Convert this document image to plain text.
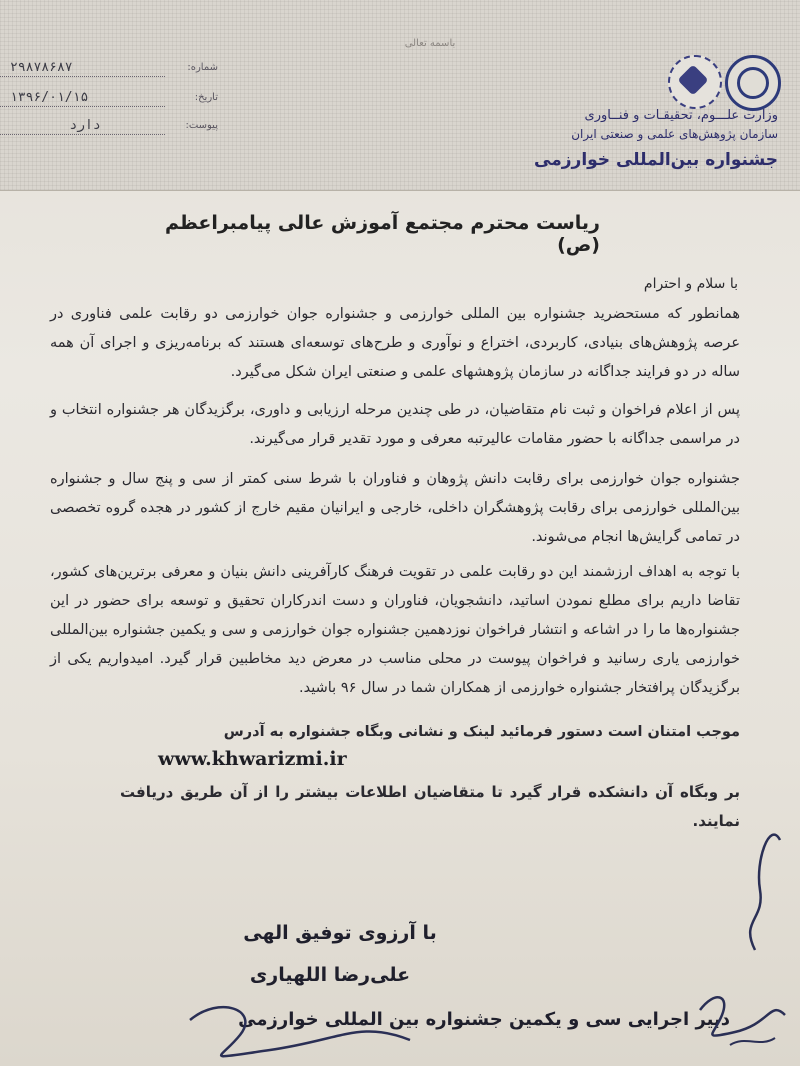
باسمه تعالی
شماره:
۲۹۸۷۸۶۸۷
تاریخ:
۱۳۹۶/۰۱/۱۵
پیوست:
دارد
وزارت علـــوم، تحقیقـات و فنــاوری
سازمان پژوهش‌های علمی و صنعتی ایران
جشنواره بین‌المللی خوارزمی
ریاست محترم مجتمع آموزش عالی پیامبراعظم (ص)
با سلام و احترام
همانطور که مستحضرید جشنواره بین المللی خوارزمی و جشنواره جوان خوارزمی دو رقابت علمی فناوری در عرصه پژوهش‌های بنیادی، کاربردی، اختراع و نوآوری و طرح‌های توسعه‌ای هستند که برنامه‌ریزی و اجرای آن همه ساله در دو فرایند جداگانه در سازمان پژوهشهای علمی و صنعتی ایران شکل می‌گیرد.
پس از اعلام فراخوان و ثبت نام متقاضیان، در طی چندین مرحله ارزیابی و داوری، برگزیدگان هر جشنواره انتخاب و در مراسمی جداگانه با حضور مقامات عالیرتبه معرفی و مورد تقدیر قرار می‌گیرند.
جشنواره جوان خوارزمی برای رقابت دانش پژوهان و فناوران با شرط سنی کمتر از سی و پنج سال و جشنواره بین‌المللی خوارزمی برای رقابت پژوهشگران داخلی، خارجی و ایرانیان مقیم خارج از کشور در هجده گروه تخصصی در تمامی گرایش‌ها انجام می‌شوند.
با توجه به اهداف ارزشمند این دو رقابت علمی در تقویت فرهنگ کارآفرینی دانش بنیان و معرفی برترین‌های کشور، تقاضا داریم برای مطلع نمودن اساتید، دانشجویان، فناوران و دست اندرکاران تحقیق و توسعه برای حضور در این جشنواره‌ها ما را در اشاعه و انتشار فراخوان نوزدهمین جشنواره جوان خوارزمی و سی و یکمین جشنواره بین‌المللی خوارزمی یاری رسانید و فراخوان پیوست در محلی مناسب در معرض دید مخاطبین قرار گیرد. امیدواریم یکی از برگزیدگان پرافتخار جشنواره خوارزمی از همکاران شما در سال ۹۶ باشید.
موجب امتنان است دستور فرمائید لینک و نشانی وبگاه جشنواره به آدرس
www.khwarizmi.ir
بر وبگاه آن دانشکده قرار گیرد تا متقاضیان اطلاعات بیشتر را از آن طریق دریافت نمایند.
با آرزوی توفیق الهی
علی‌رضا اللهیاری
دبیر اجرایی سی و یکمین جشنواره بین المللی خوارزمی
